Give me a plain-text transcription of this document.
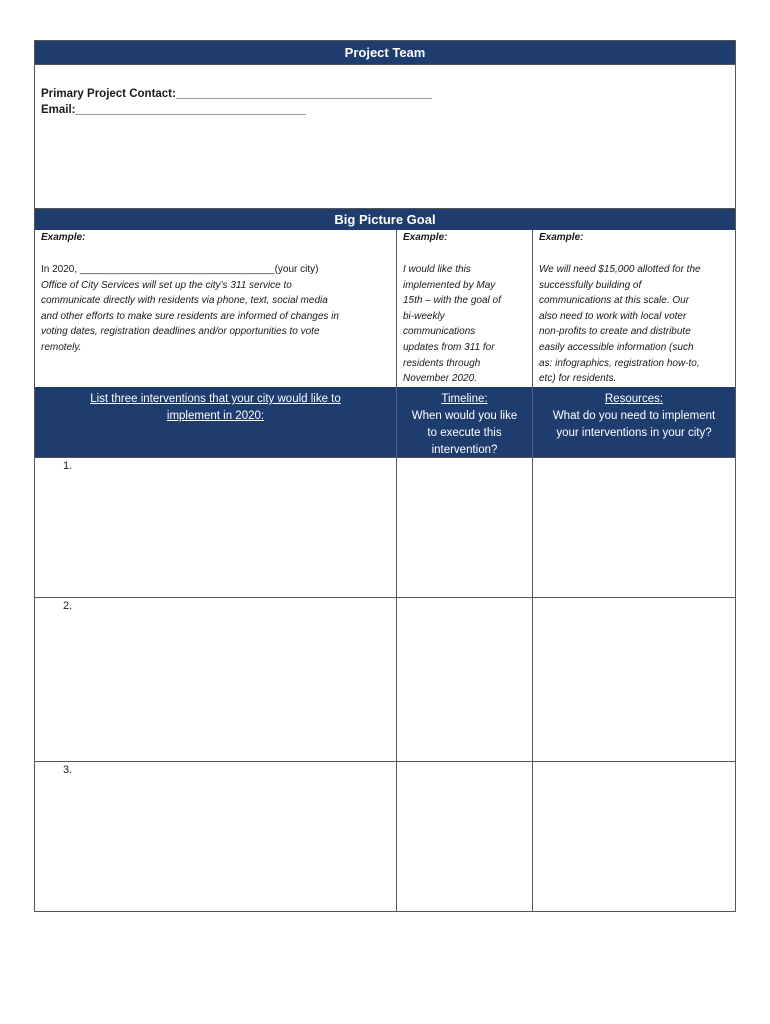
Project Team
Primary Project Contact:________________________________________
Email:____________________________________
Big Picture Goal
Example:
In 2020, ___________________________________(your city)
Office of City Services will set up the city’s 311 service to
communicate directly with residents via phone, text, social media
and other efforts to make sure residents are informed of changes in
voting dates, registration deadlines and/or opportunities to vote
remotely.
Example:
I would like this
implemented by May
15th – with the goal of
bi-weekly
communications
updates from 311 for
residents through
November 2020.
Example:
We will need $15,000 allotted for the
successfully building of
communications at this scale. Our
also need to work with local voter
non-profits to create and distribute
easily accessible information (such
as: infographics, registration how-to,
etc) for residents.
List three interventions that your city would like to
implement in 2020:
Timeline:
When would you like
to execute this
intervention?
Resources:
What do you need to implement
your interventions in your city?
1.
2.
3.
